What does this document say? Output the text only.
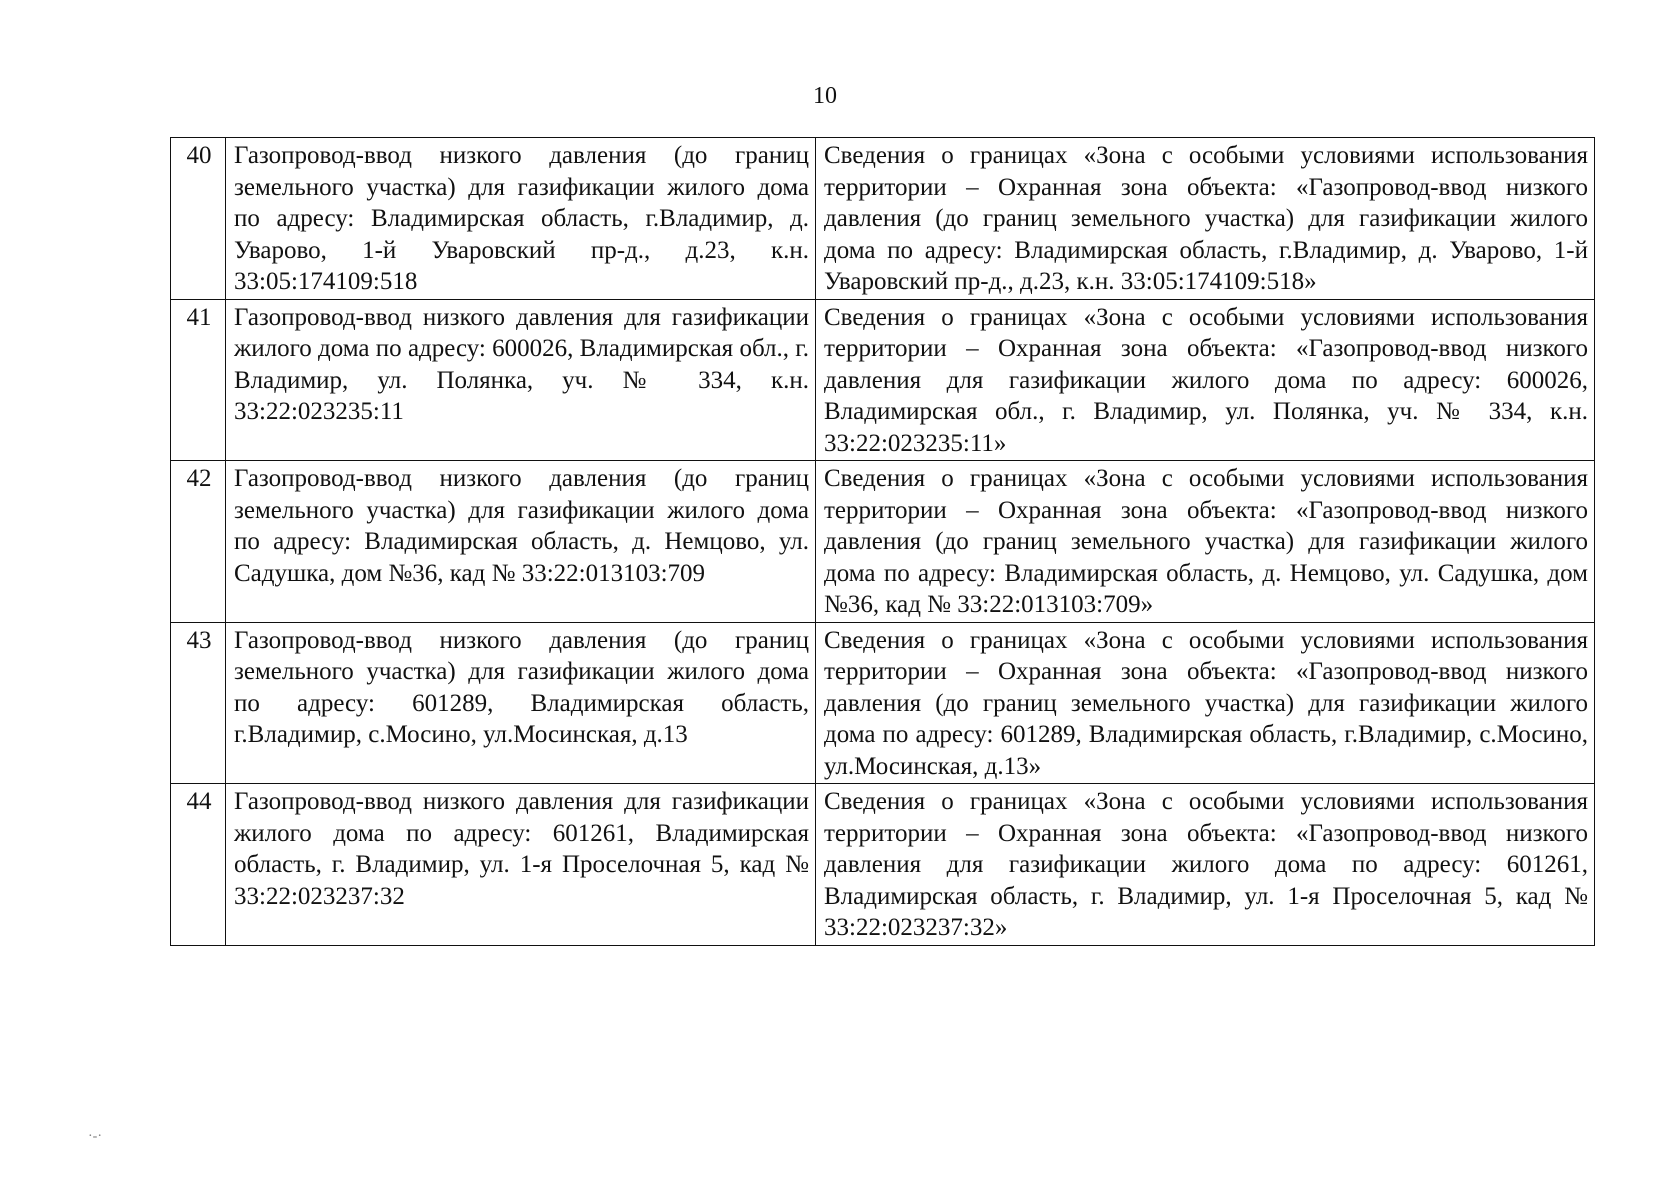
10
40	Газопровод-ввод низкого давления (до границ земельного участка) для газификации жилого дома по адресу: Владимирская область, г.Владимир, д. Уварово, 1-й Уваровский пр-д., д.23, к.н. 33:05:174109:518	Сведения о границах «Зона с особыми условиями использования территории – Охранная зона объекта: «Газопровод-ввод низкого давления (до границ земельного участка) для газификации жилого дома по адресу: Владимирская область, г.Владимир, д. Уварово, 1-й Уваровский пр-д., д.23, к.н. 33:05:174109:518»
41	Газопровод-ввод низкого давления для газификации жилого дома по адресу: 600026, Владимирская обл., г. Владимир, ул. Полянка, уч. № 334, к.н. 33:22:023235:11	Сведения о границах «Зона с особыми условиями использования территории – Охранная зона объекта: «Газопровод-ввод низкого давления для газификации жилого дома по адресу: 600026, Владимирская обл., г. Владимир, ул. Полянка, уч. № 334, к.н. 33:22:023235:11»
42	Газопровод-ввод низкого давления (до границ земельного участка) для газификации жилого дома по адресу: Владимирская область, д. Немцово, ул. Садушка, дом №36, кад № 33:22:013103:709	Сведения о границах «Зона с особыми условиями использования территории – Охранная зона объекта: «Газопровод-ввод низкого давления (до границ земельного участка) для газификации жилого дома по адресу: Владимирская область, д. Немцово, ул. Садушка, дом №36, кад № 33:22:013103:709»
43	Газопровод-ввод низкого давления (до границ земельного участка) для газификации жилого дома по адресу: 601289, Владимирская область, г.Владимир, с.Мосино, ул.Мосинская, д.13	Сведения о границах «Зона с особыми условиями использования территории – Охранная зона объекта: «Газопровод-ввод низкого давления (до границ земельного участка) для газификации жилого дома по адресу: 601289, Владимирская область, г.Владимир, с.Мосино, ул.Мосинская, д.13»
44	Газопровод-ввод низкого давления для газификации жилого дома по адресу: 601261, Владимирская область, г. Владимир, ул. 1-я Проселочная 5, кад № 33:22:023237:32	Сведения о границах «Зона с особыми условиями использования территории – Охранная зона объекта: «Газопровод-ввод низкого давления для газификации жилого дома по адресу: 601261, Владимирская область, г. Владимир, ул. 1-я Проселочная 5, кад № 33:22:023237:32»
·-·
